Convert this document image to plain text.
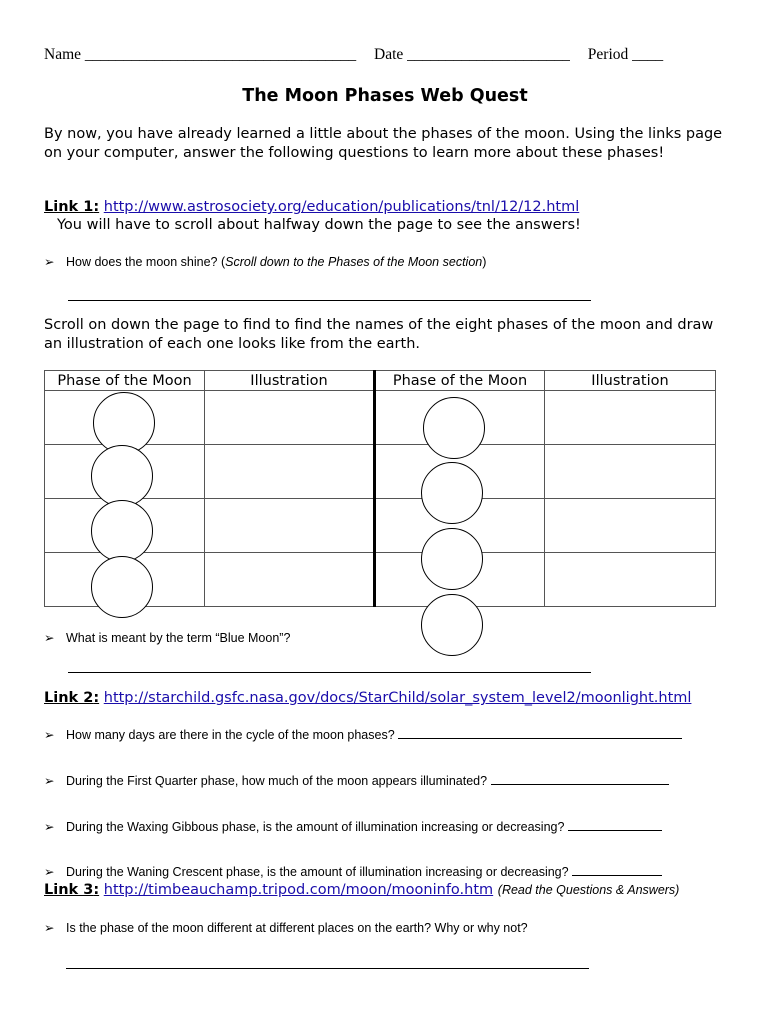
Name ___________________________________ Date _____________________ Period ____
The Moon Phases Web Quest
By now, you have already learned a little about the phases of the moon. Using the links page on your computer, answer the following questions to learn more about these phases!
Link 1: http://www.astrosociety.org/education/publications/tnl/12/12.html
You will have to scroll about halfway down the page to see the answers!
➢ How does the moon shine? (Scroll down to the Phases of the Moon section)
Scroll on down the page to find to find the names of the eight phases of the moon and draw an illustration of each one looks like from the earth.
Phase of the Moon	Illustration	Phase of the Moon	Illustration

➢ What is meant by the term “Blue Moon”?
Link 2: http://starchild.gsfc.nasa.gov/docs/StarChild/solar_system_level2/moonlight.html
➢ How many days are there in the cycle of the moon phases?
➢ During the First Quarter phase, how much of the moon appears illuminated?
➢ During the Waxing Gibbous phase, is the amount of illumination increasing or decreasing?
➢ During the Waning Crescent phase, is the amount of illumination increasing or decreasing?
Link 3: http://timbeauchamp.tripod.com/moon/mooninfo.htm (Read the Questions & Answers)
➢ Is the phase of the moon different at different places on the earth? Why or why not?
